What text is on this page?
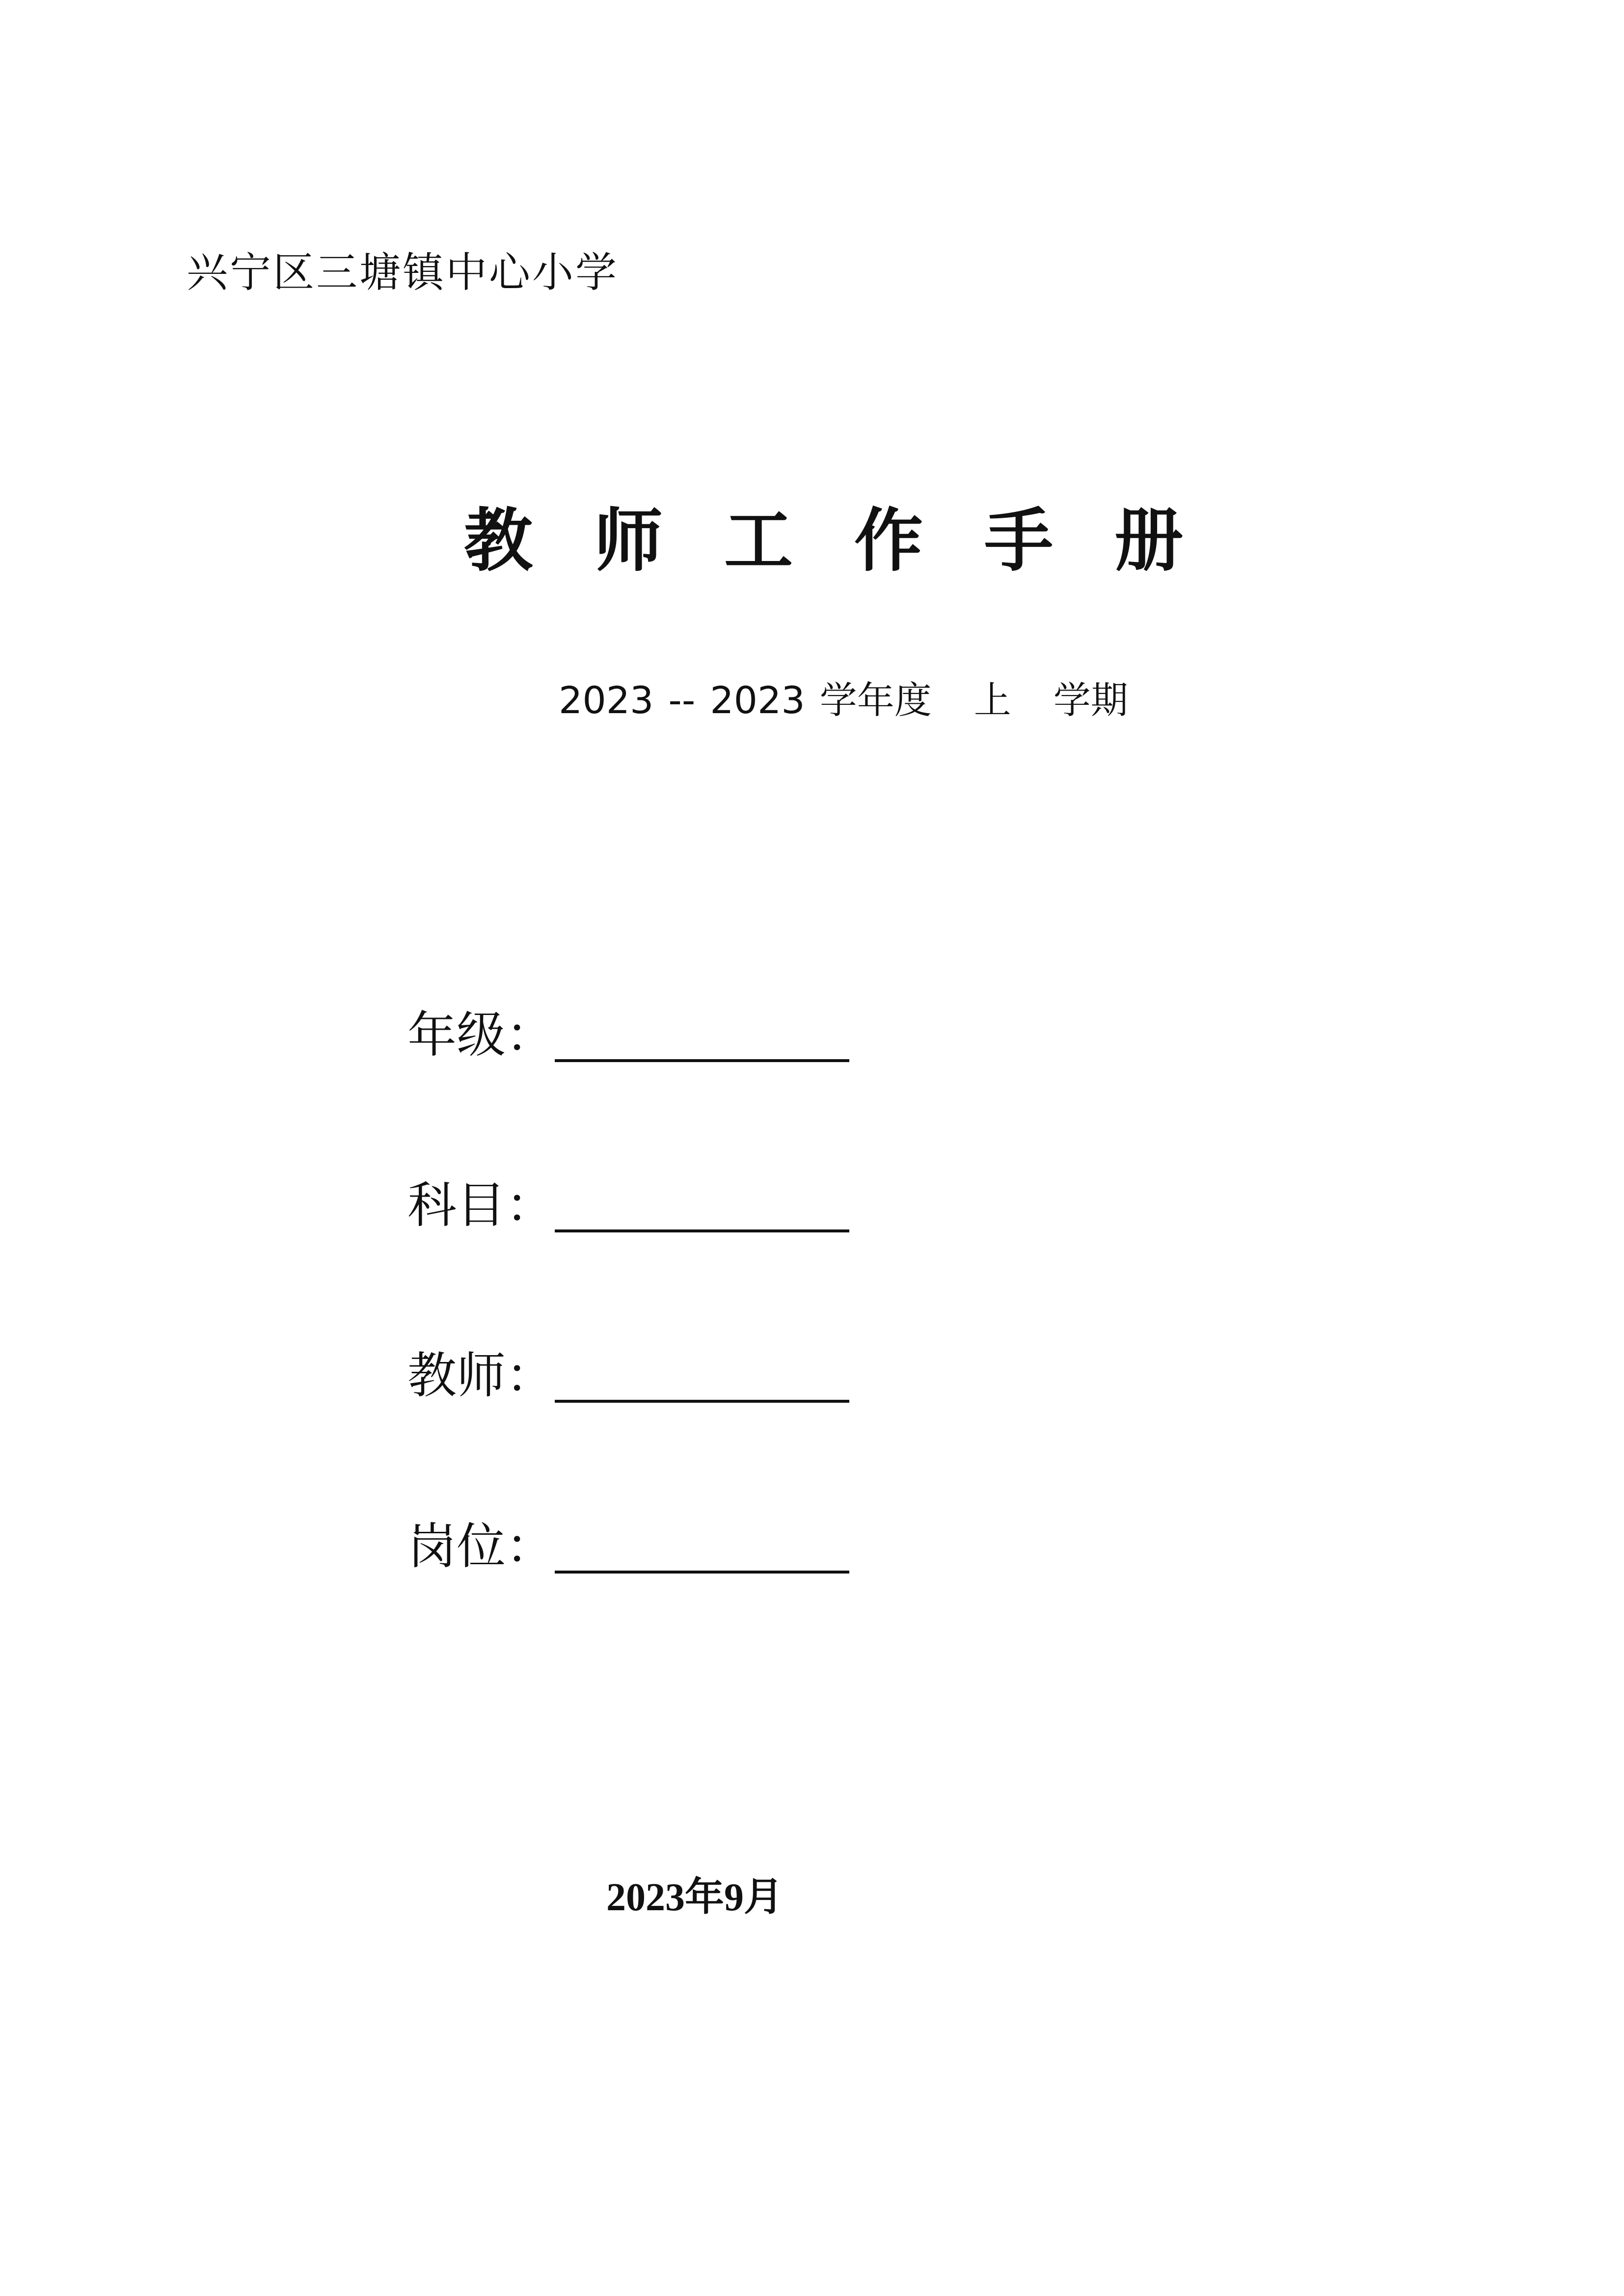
兴宁区三塘镇中心小学
教 师 工 作 手 册
2023 -- 2023 学年度 上 学期
年级：
科目：
教师：
岗位：
2023年9月
